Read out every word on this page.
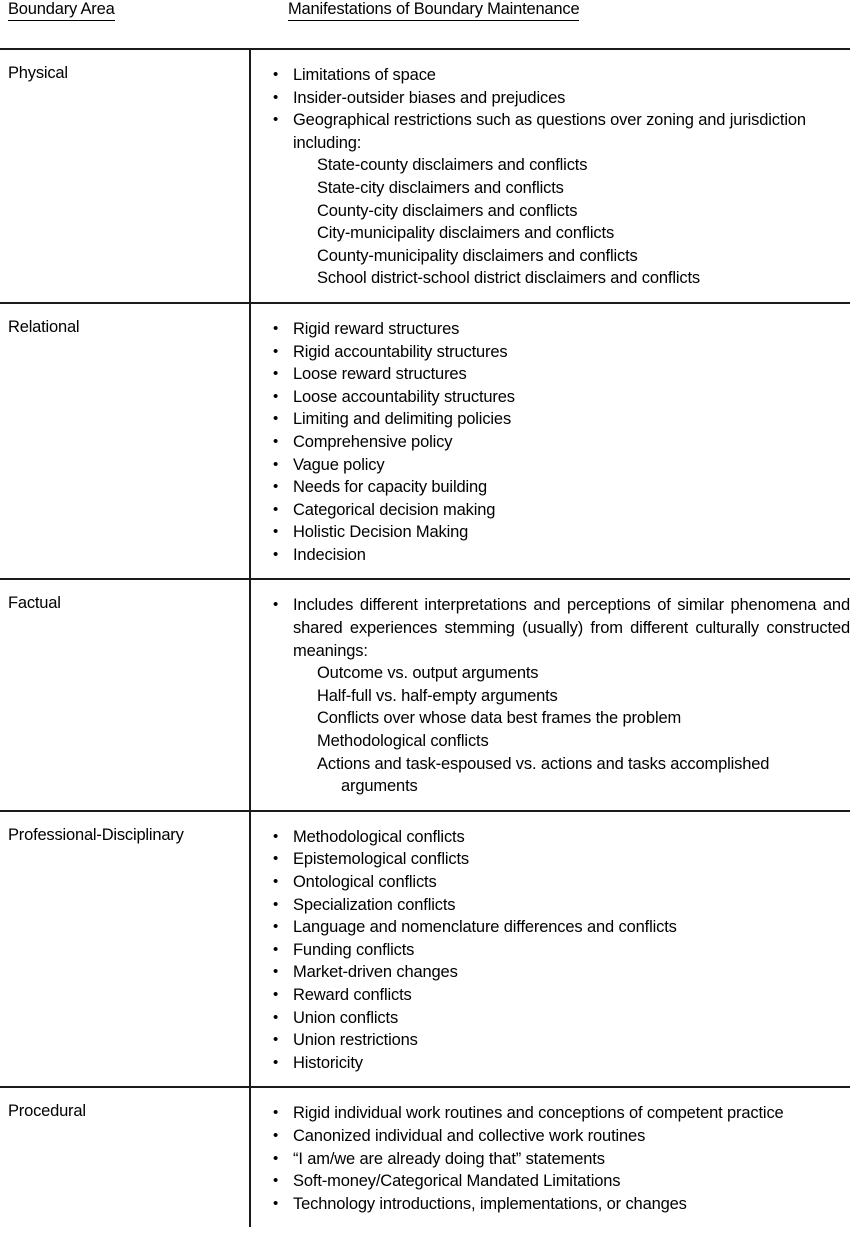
Boundary Area	Manifestations of Boundary Maintenance
Physical	• Limitations of space
• Insider-outsider biases and prejudices
• Geographical restrictions such as questions over zoning and jurisdiction including:
State-county disclaimers and conflicts
State-city disclaimers and conflicts
County-city disclaimers and conflicts
City-municipality disclaimers and conflicts
County-municipality disclaimers and conflicts
School district-school district disclaimers and conflicts
Relational	• Rigid reward structures
• Rigid accountability structures
• Loose reward structures
• Loose accountability structures
• Limiting and delimiting policies
• Comprehensive policy
• Vague policy
• Needs for capacity building
• Categorical decision making
• Holistic Decision Making
• Indecision
Factual	• Includes different interpretations and perceptions of similar phenomena and shared experiences stemming (usually) from different culturally constructed meanings:
Outcome vs. output arguments
Half-full vs. half-empty arguments
Conflicts over whose data best frames the problem
Methodological conflicts
Actions and task-espoused vs. actions and tasks accomplished
arguments
Professional-Disciplinary	• Methodological conflicts
• Epistemological conflicts
• Ontological conflicts
• Specialization conflicts
• Language and nomenclature differences and conflicts
• Funding conflicts
• Market-driven changes
• Reward conflicts
• Union conflicts
• Union restrictions
• Historicity
Procedural	• Rigid individual work routines and conceptions of competent practice
• Canonized individual and collective work routines
• “I am/we are already doing that” statements
• Soft-money/Categorical Mandated Limitations
• Technology introductions, implementations, or changes
